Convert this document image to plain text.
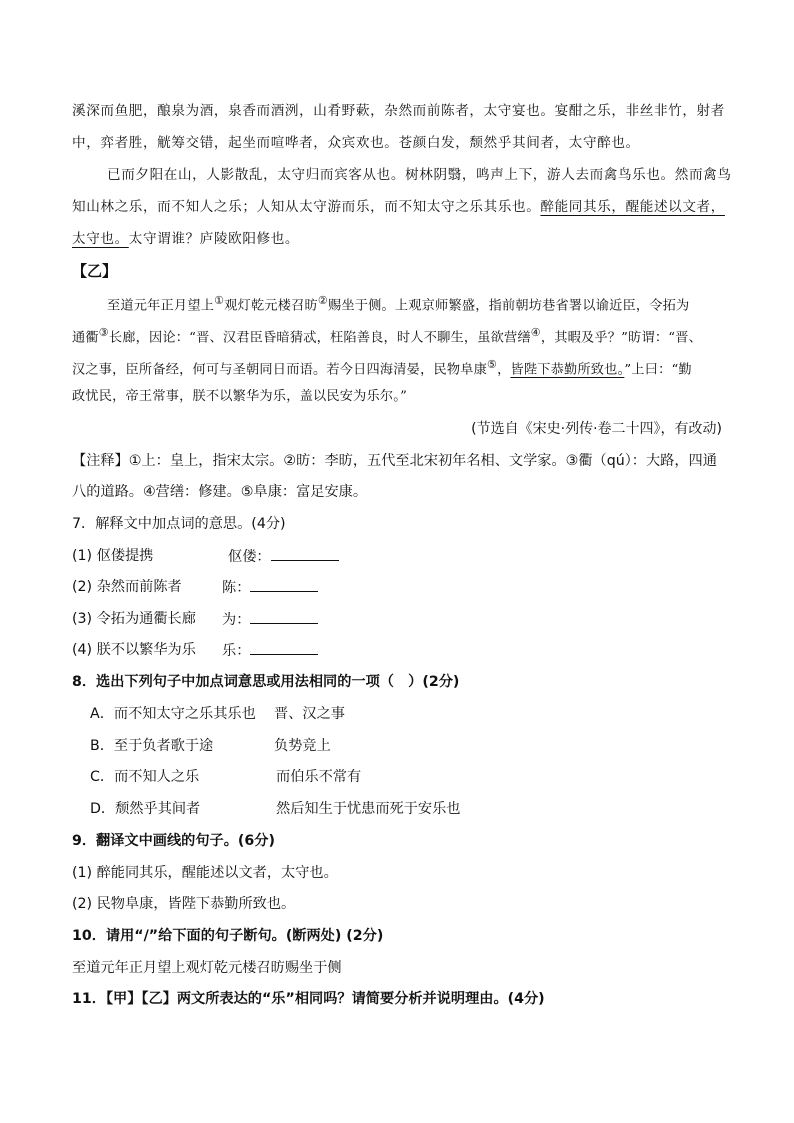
溪深而鱼肥，酿泉为酒，泉香而酒洌，山肴野蔌，杂然而前陈者，太守宴也。宴酣之乐，非丝非竹，射者
中，弈者胜，觥筹交错，起坐而喧哗者，众宾欢也。苍颜白发，颓然乎其间者，太守醉也。
已而夕阳在山，人影散乱，太守归而宾客从也。树林阴翳，鸣声上下，游人去而禽鸟乐也。然而禽鸟
知山林之乐，而不知人之乐；人知从太守游而乐，而不知太守之乐其乐也。醉能同其乐，醒能述以文者，
太守也。太守谓谁？庐陵欧阳修也。
【乙】
至道元年正月望上①观灯乾元楼召昉②赐坐于侧。上观京师繁盛，指前朝坊巷省署以谕近臣，令拓为
通衢③长廊，因论：“晋、汉君臣昏暗猜忒，枉陷善良，时人不聊生，虽欲营缮④，其暇及乎？”昉谓：“晋、
汉之事，臣所备经，何可与圣朝同日而语。若今日四海清晏，民物阜康⑤，皆陛下恭勤所致也。”上曰：“勤
政忧民，帝王常事，朕不以繁华为乐，盖以民安为乐尔。”
(节选自《宋史·列传·卷二十四》，有改动)
【注释】①上：皇上，指宋太宗。②昉：李昉，五代至北宋初年名相、文学家。③衢（qú）：大路，四通
八的道路。④营缮：修建。⑤阜康：富足安康。
7．解释文中加点词的意思。(4分)
(1) 伛偻提携	伛偻：
(2) 杂然而前陈者	陈：
(3) 令拓为通衢长廊 为：
(4) 朕不以繁华为乐 乐：
8．选出下列句子中加点词意思或用法相同的一项（　）(2分)
A．而不知太守之乐其乐也 晋、汉之事
B．至于负者歌于途	负势竞上
C．而不知人之乐	而伯乐不常有
D．颓然乎其间者	然后知生于忧患而死于安乐也
9．翻译文中画线的句子。(6分)
(1) 醉能同其乐，醒能述以文者，太守也。
(2) 民物阜康，皆陛下恭勤所致也。
10．请用“/”给下面的句子断句。(断两处) (2分)
至道元年正月望上观灯乾元楼召昉赐坐于侧
11．【甲】【乙】两文所表达的“乐”相同吗？请简要分析并说明理由。(4分)
